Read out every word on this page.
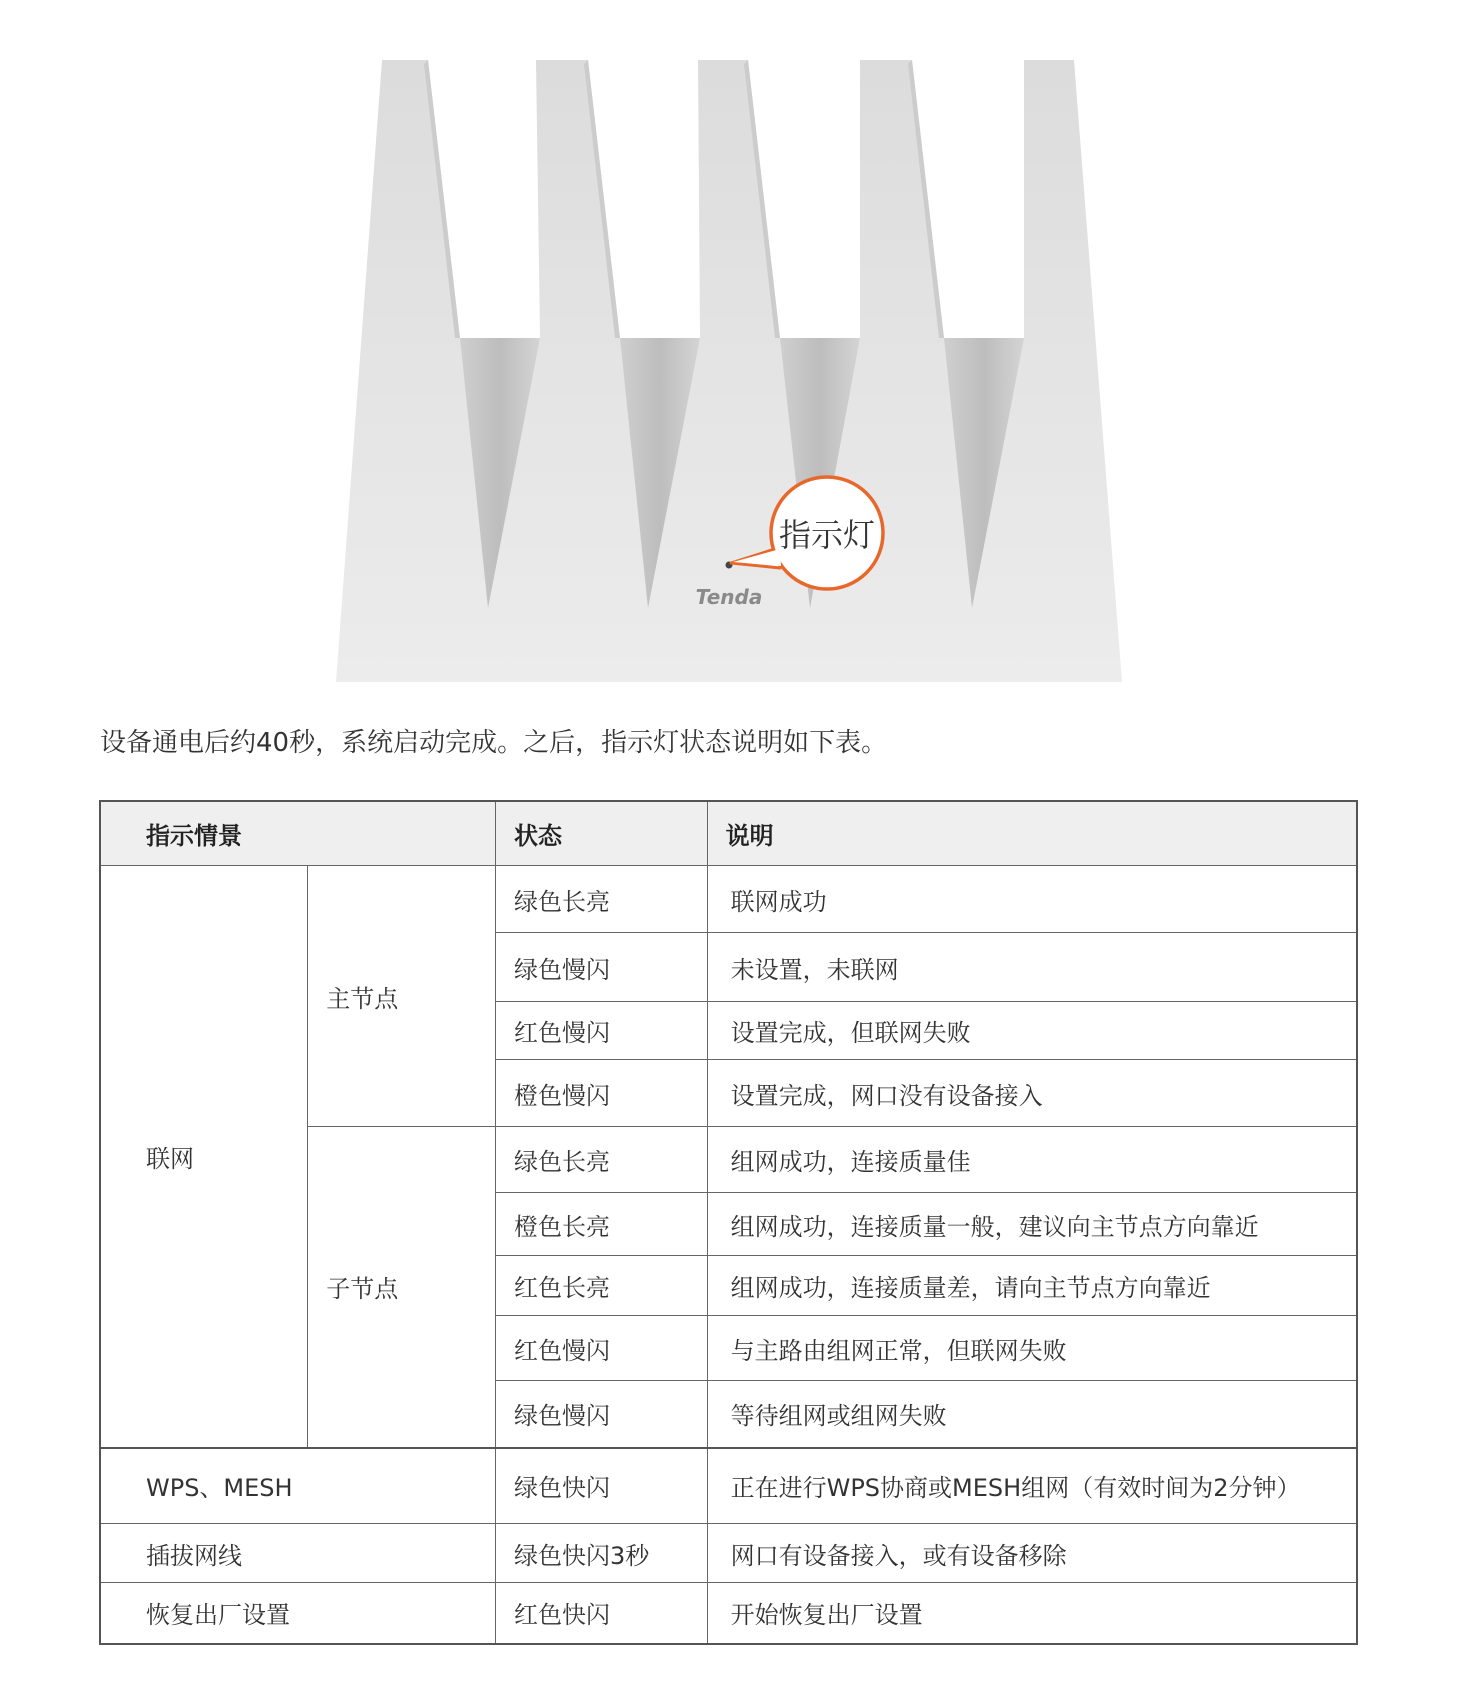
指示灯
Tenda

设备通电后约40秒，系统启动完成。之后，指示灯状态说明如下表。

指示情景		状态	说明
联网	主节点	绿色长亮	联网成功
		绿色慢闪	未设置，未联网
		红色慢闪	设置完成，但联网失败
		橙色慢闪	设置完成，网口没有设备接入
	子节点	绿色长亮	组网成功，连接质量佳
		橙色长亮	组网成功，连接质量一般，建议向主节点方向靠近
		红色长亮	组网成功，连接质量差，请向主节点方向靠近
		红色慢闪	与主路由组网正常，但联网失败
		绿色慢闪	等待组网或组网失败
WPS、MESH		绿色快闪	正在进行WPS协商或MESH组网（有效时间为2分钟）
插拔网线		绿色快闪3秒	网口有设备接入，或有设备移除
恢复出厂设置		红色快闪	开始恢复出厂设置
